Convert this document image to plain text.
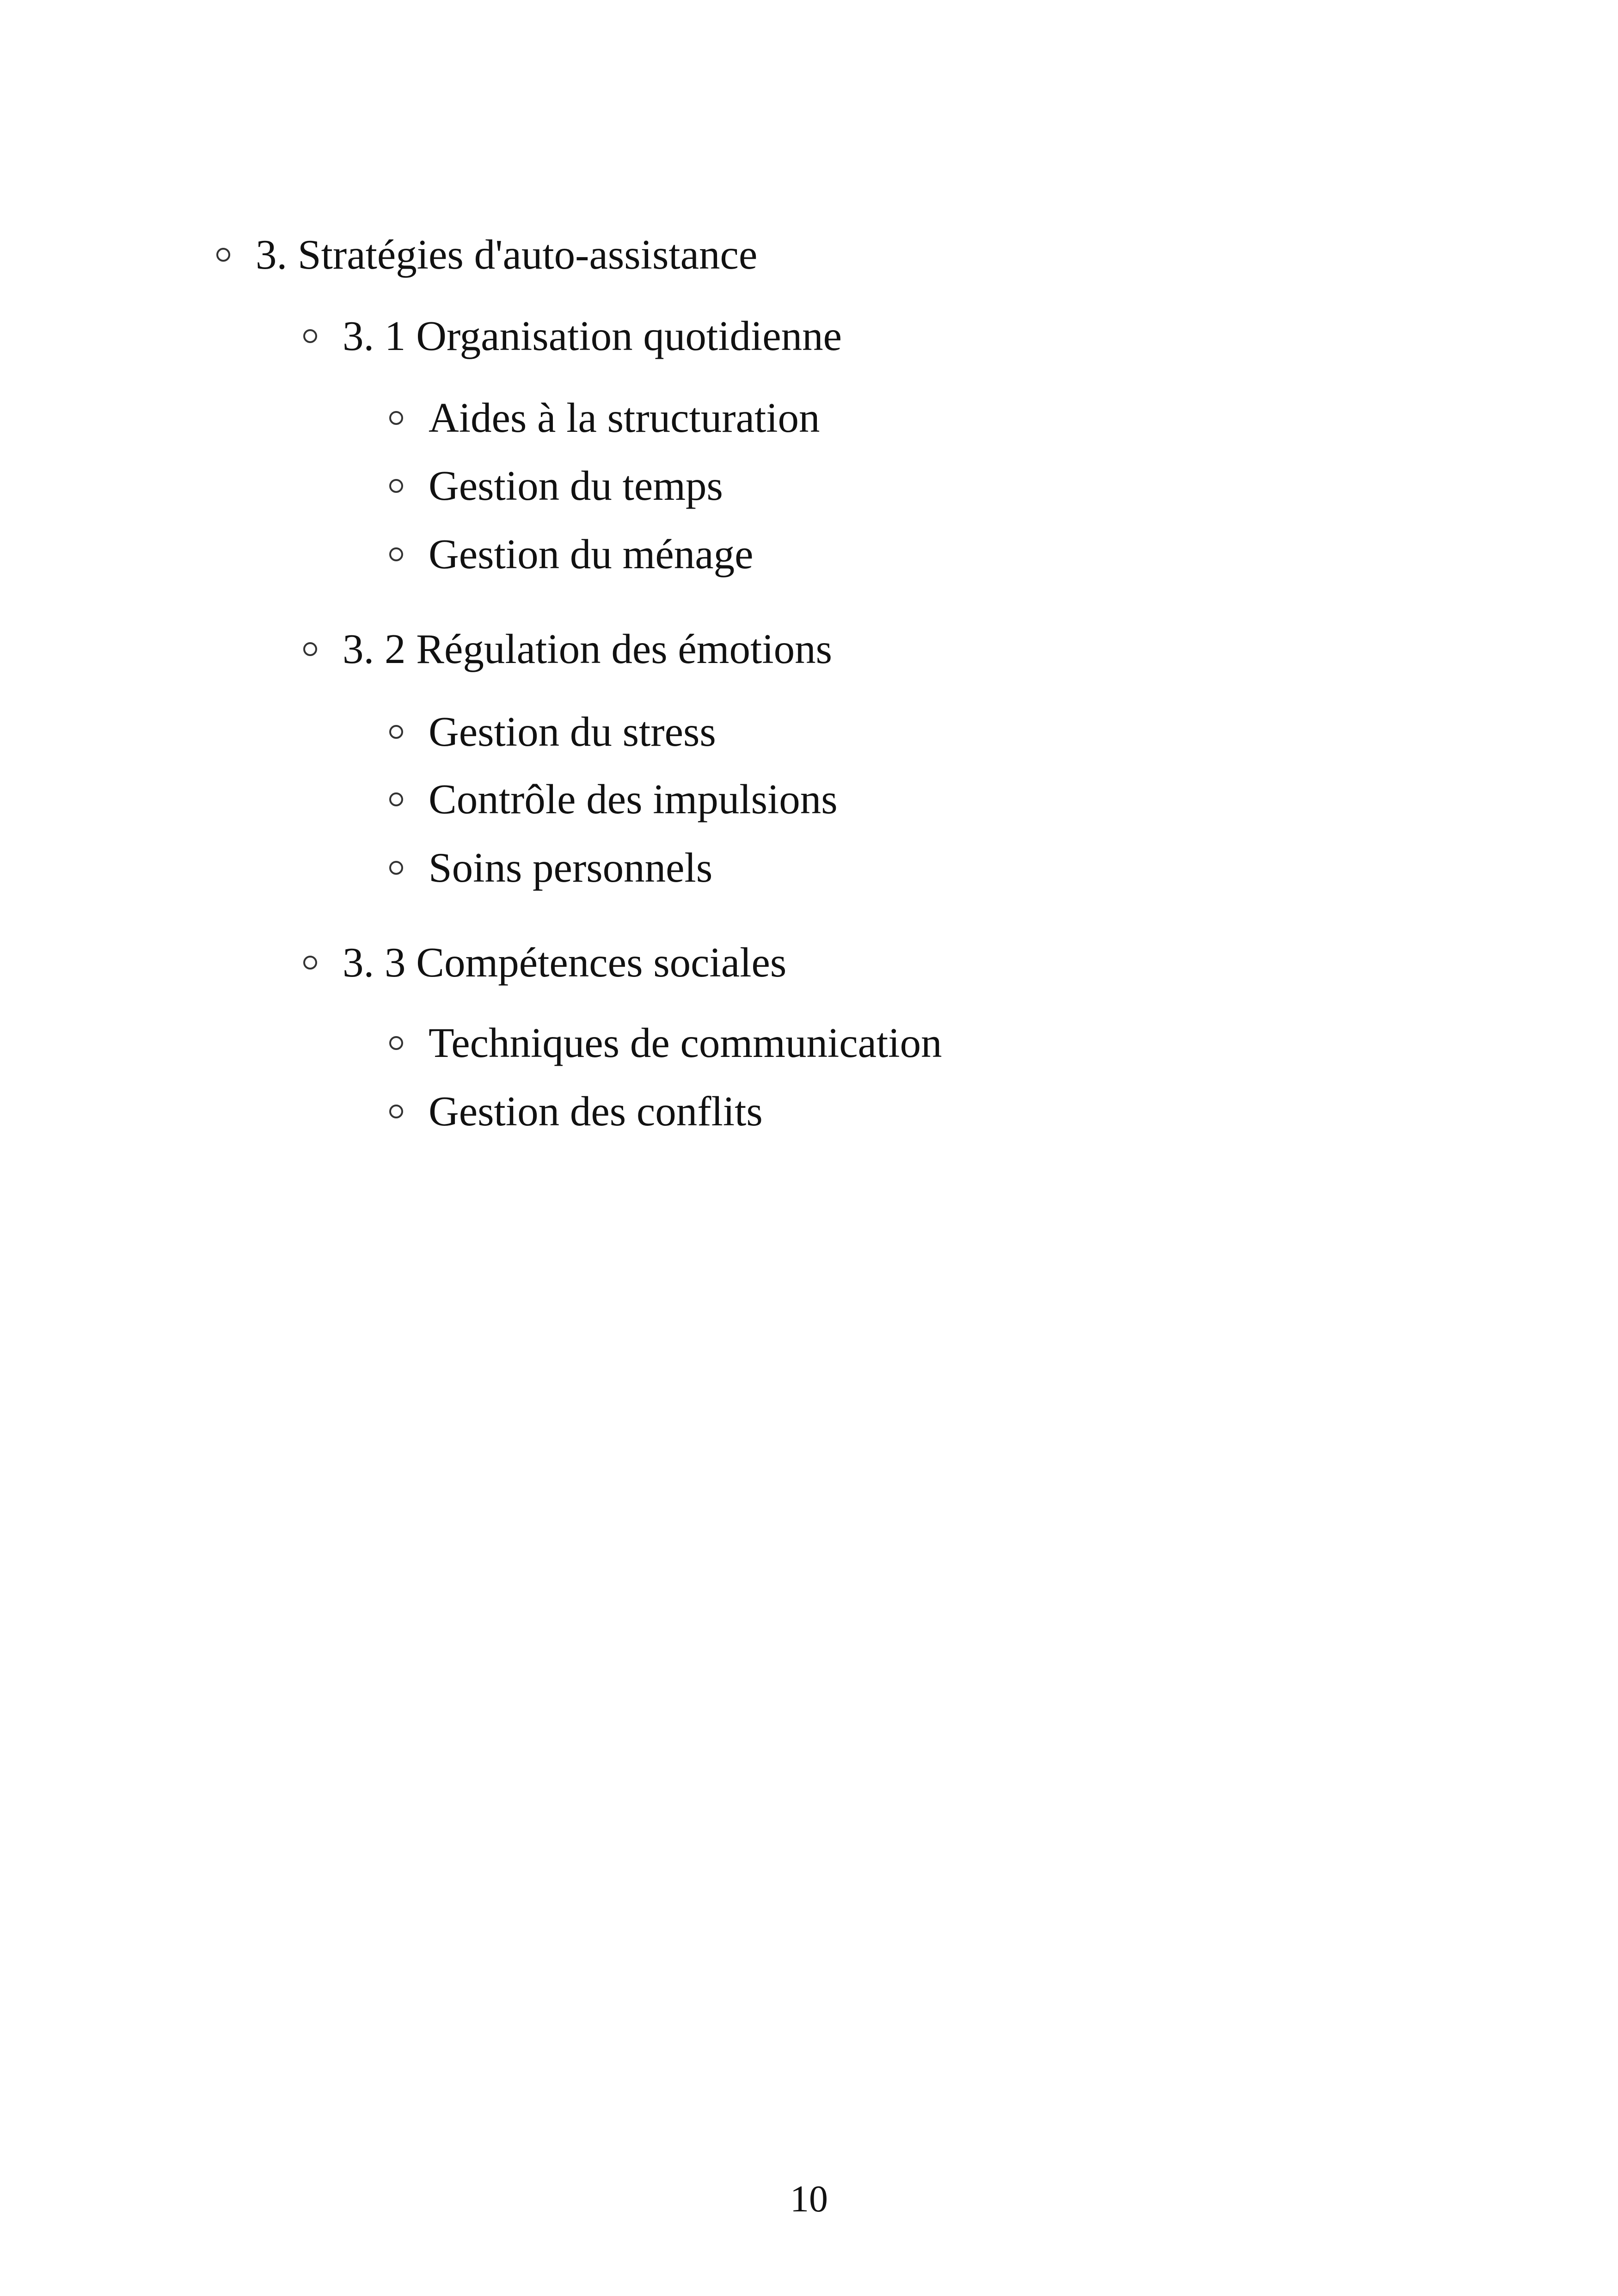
3. Stratégies d'auto-assistance
3. 1 Organisation quotidienne
Aides à la structuration
Gestion du temps
Gestion du ménage
3. 2 Régulation des émotions
Gestion du stress
Contrôle des impulsions
Soins personnels
3. 3 Compétences sociales
Techniques de communication
Gestion des conflits
10
